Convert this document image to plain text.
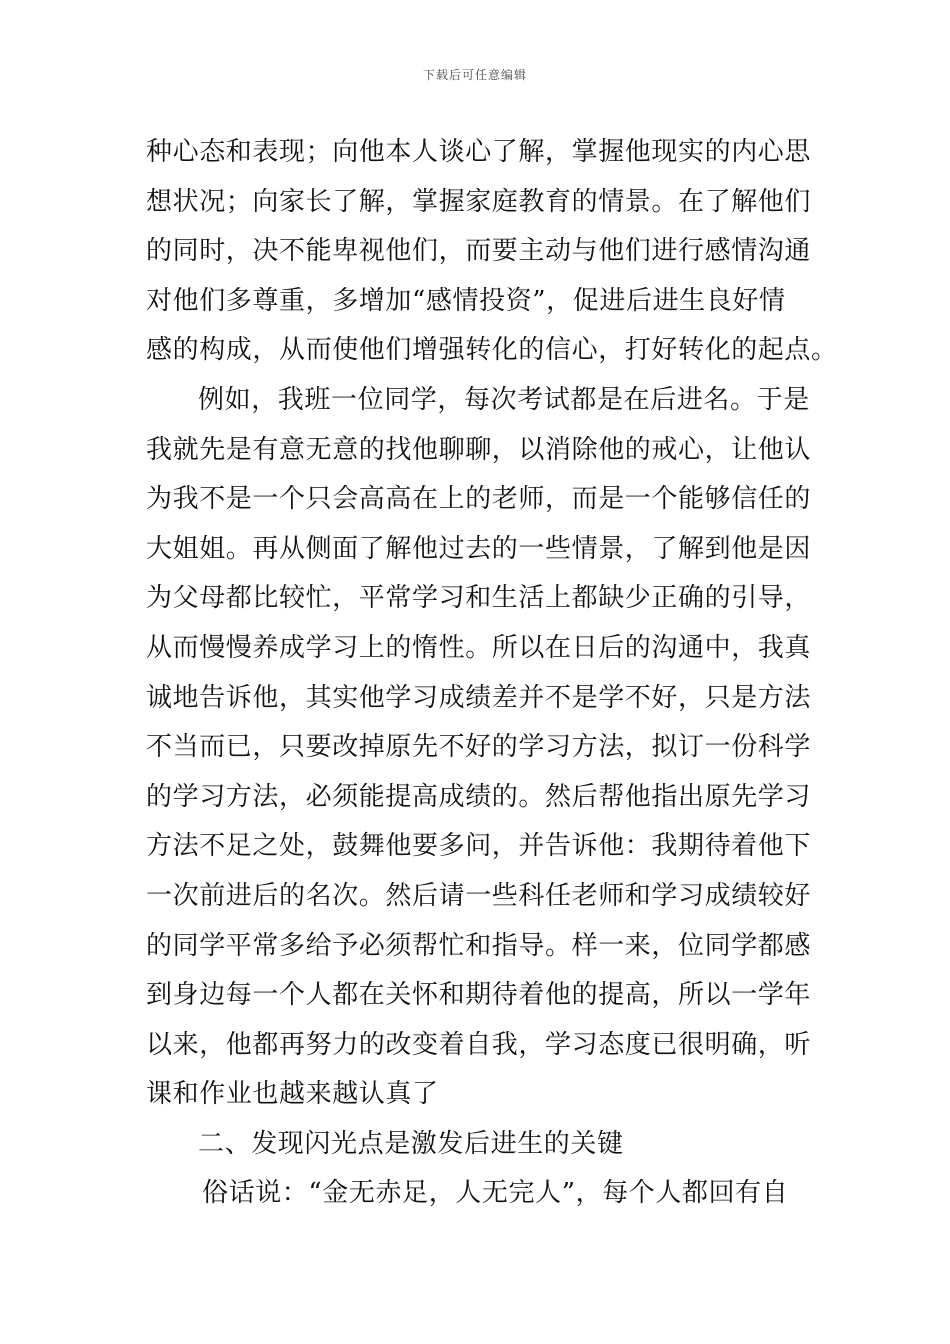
下载后可任意编辑
种心态和表现；向他本人谈心了解，掌握他现实的内心思
想状况；向家长了解，掌握家庭教育的情景。在了解他们
的同时，决不能卑视他们，而要主动与他们进行感情沟通
对他们多尊重，多增加“感情投资”，促进后进生良好情
感的构成，从而使他们增强转化的信心，打好转化的起点。
例如，我班一位同学，每次考试都是在后进名。于是
我就先是有意无意的找他聊聊，以消除他的戒心，让他认
为我不是一个只会高高在上的老师，而是一个能够信任的
大姐姐。再从侧面了解他过去的一些情景，了解到他是因
为父母都比较忙，平常学习和生活上都缺少正确的引导，
从而慢慢养成学习上的惰性。所以在日后的沟通中，我真
诚地告诉他，其实他学习成绩差并不是学不好，只是方法
不当而已，只要改掉原先不好的学习方法，拟订一份科学
的学习方法，必须能提高成绩的。然后帮他指出原先学习
方法不足之处，鼓舞他要多问，并告诉他：我期待着他下
一次前进后的名次。然后请一些科任老师和学习成绩较好
的同学平常多给予必须帮忙和指导。样一来，位同学都感
到身边每一个人都在关怀和期待着他的提高，所以一学年
以来，他都再努力的改变着自我，学习态度已很明确，听
课和作业也越来越认真了
二、发现闪光点是激发后进生的关键
俗话说：“金无赤足，人无完人”，每个人都回有自
